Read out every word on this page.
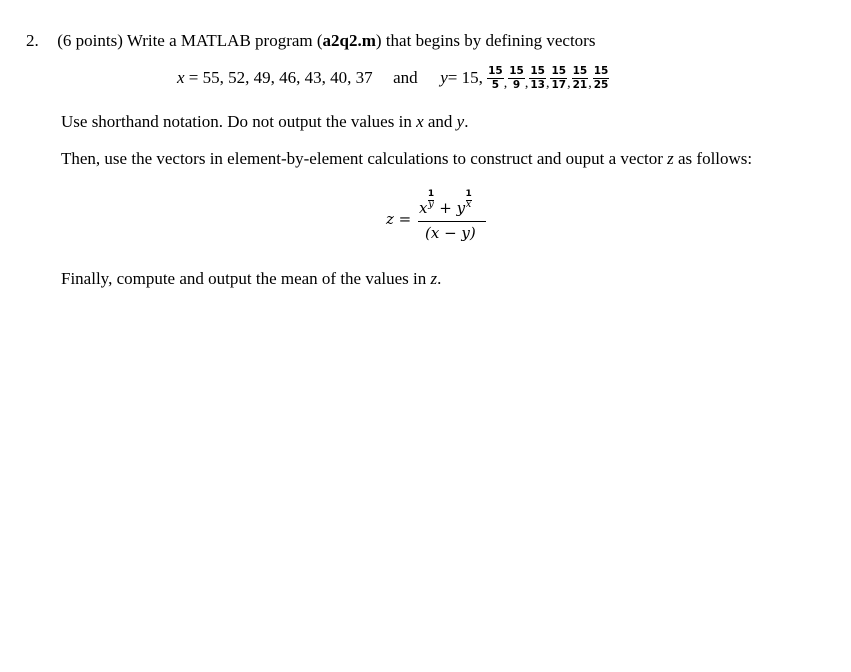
2. (6 points) Write a MATLAB program (a2q2.m) that begins by defining vectors
x = 55, 52, 49, 46, 43, 40, 37 and y= 15, $\frac{15}{5} _, \frac{15}{9} _, \frac{15}{13} _, \frac{15}{17} _, \frac{15}{21} _, \frac{15}{25}$
Use shorthand notation. Do not output the values in x and y.
Then, use the vectors in element-by-element calculations to construct and ouput a vector z as follows:
z =
x $\frac{1}{y} + y \frac{1}{x}$
(x − y)
Finally, compute and output the mean of the values in z.
